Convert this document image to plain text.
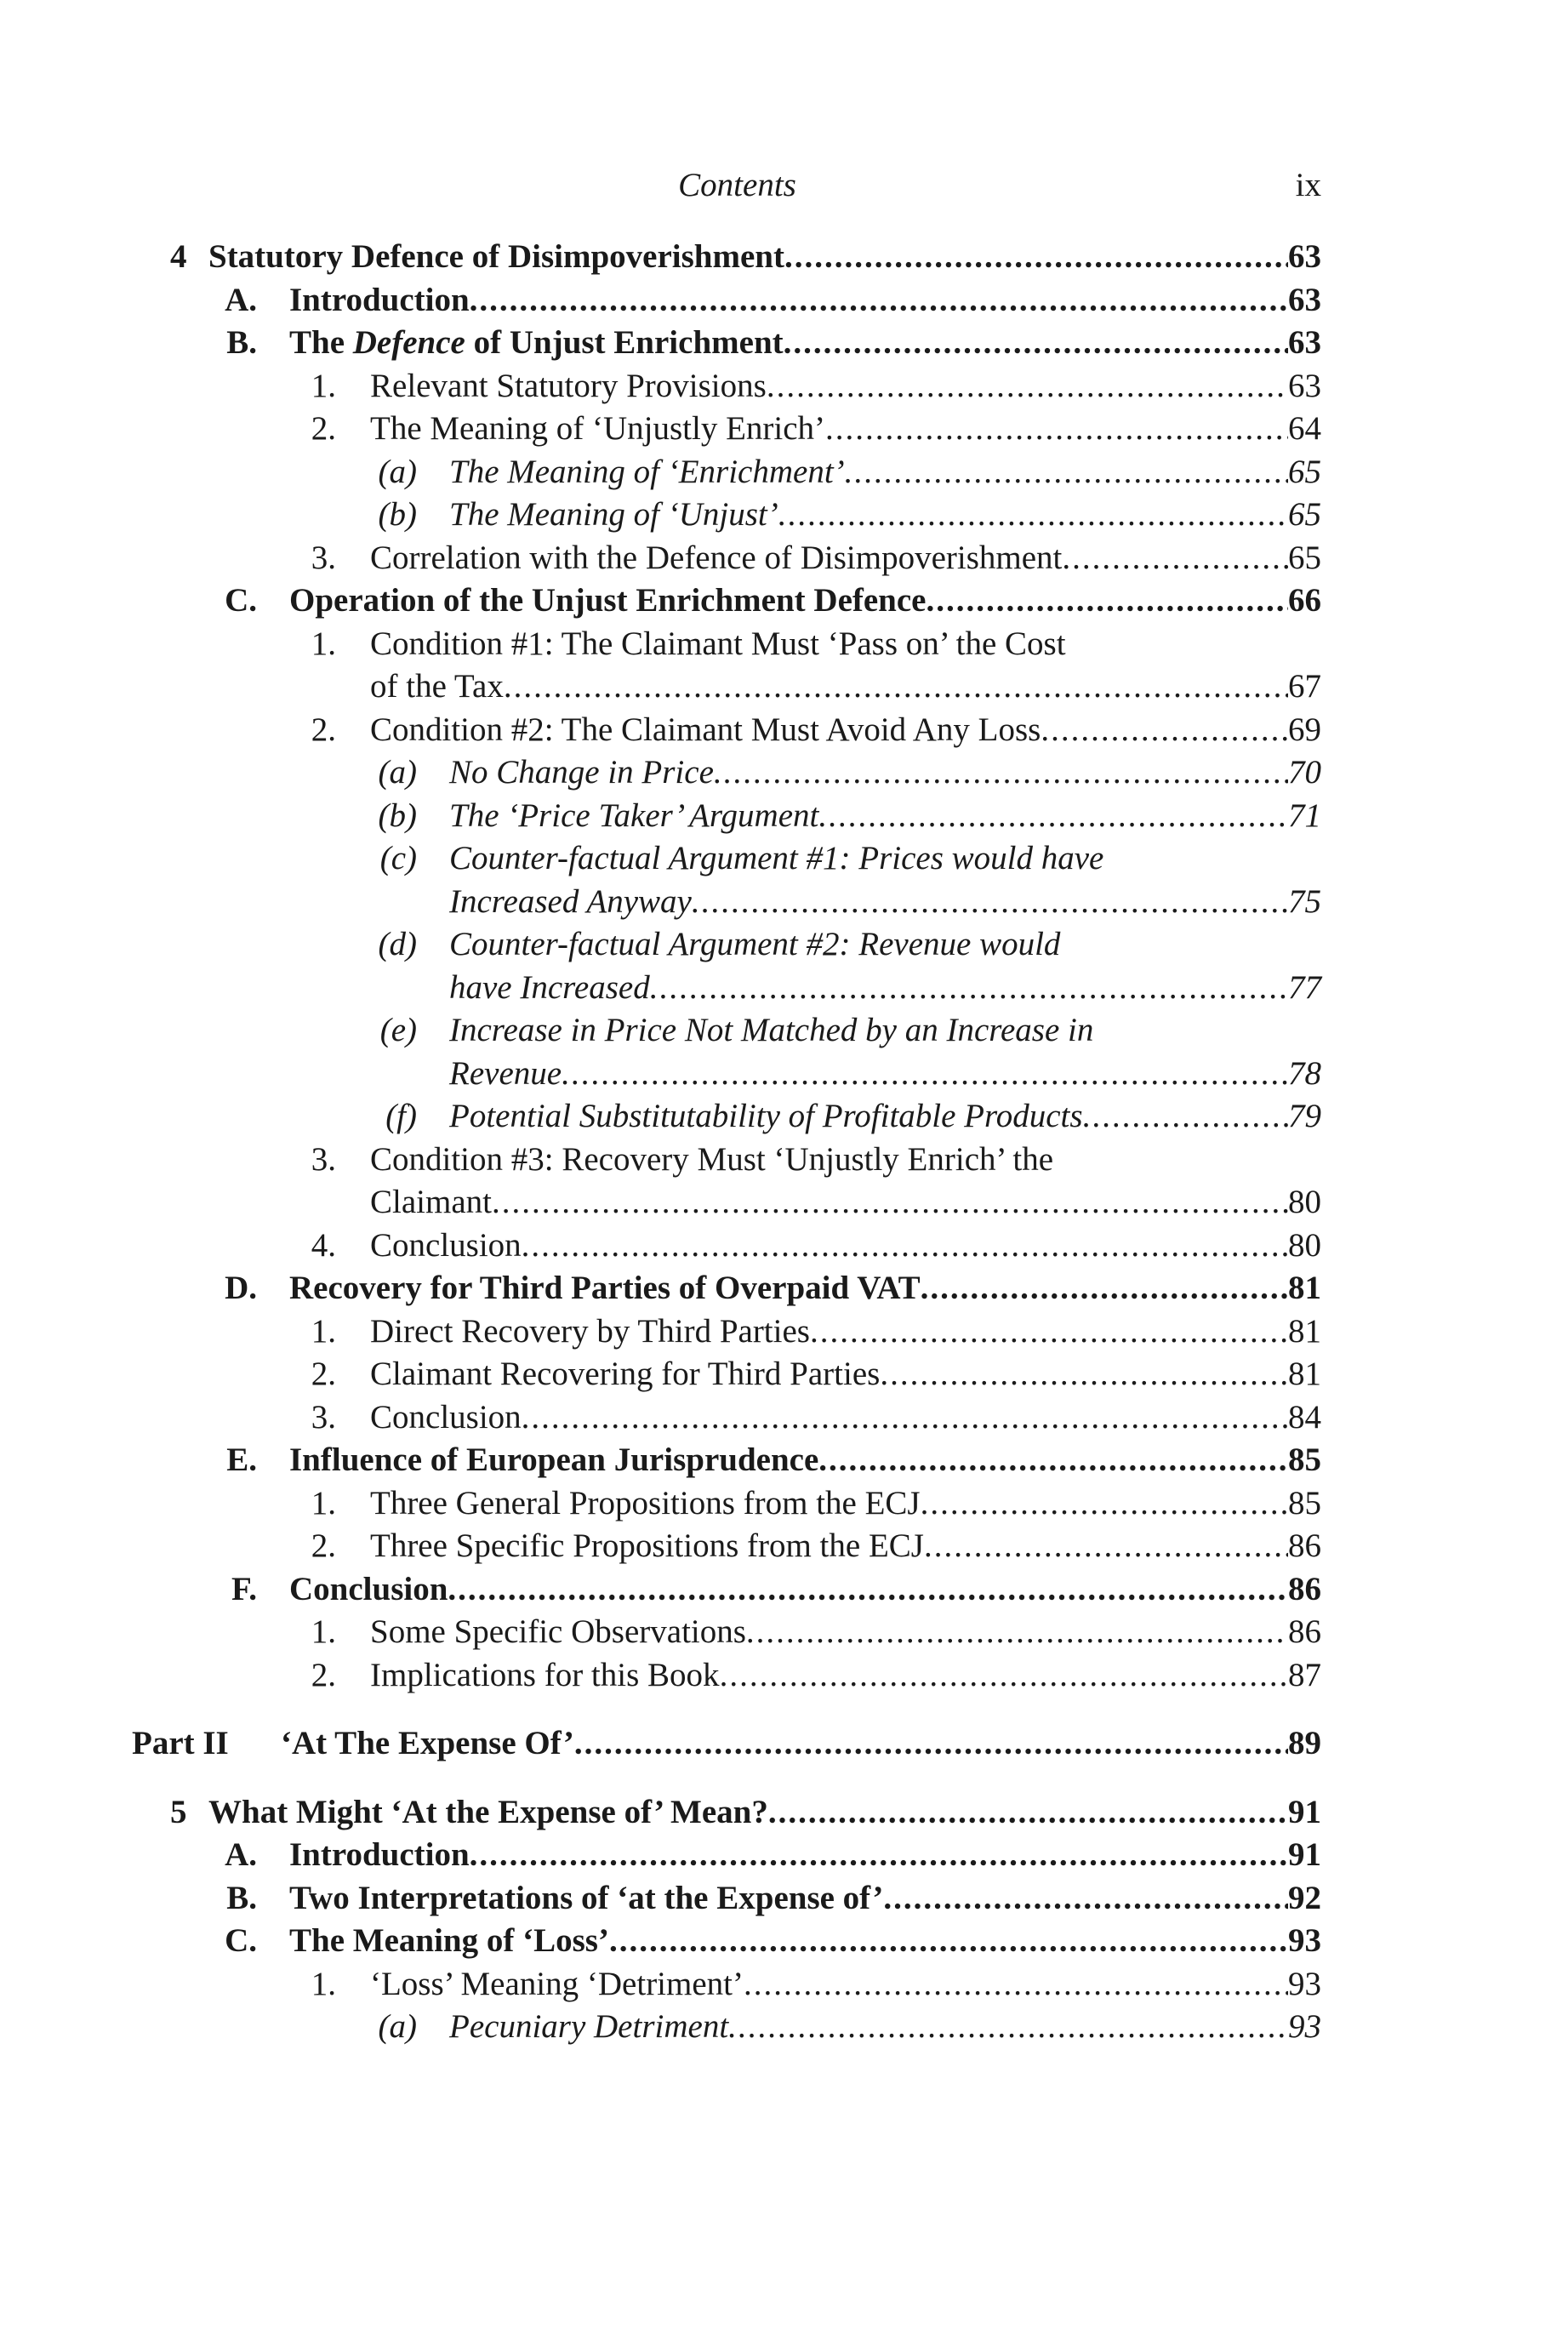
Contents	ix
4 Statutory Defence of Disimpoverishment .....	63
A. Introduction .....	63
B. The Defence of Unjust Enrichment .....	63
1. Relevant Statutory Provisions .....	63
2. The Meaning of ‘Unjustly Enrich’ .....	64
(a) The Meaning of ‘Enrichment’ .....	65
(b) The Meaning of ‘Unjust’ .....	65
3. Correlation with the Defence of Disimpoverishment .....	65
C. Operation of the Unjust Enrichment Defence .....	66
1. Condition #1: The Claimant Must ‘Pass on’ the Cost
of the Tax .....	67
2. Condition #2: The Claimant Must Avoid Any Loss .....	69
(a) No Change in Price .....	70
(b) The ‘Price Taker’ Argument .....	71
(c) Counter-factual Argument #1: Prices would have
Increased Anyway .....	75
(d) Counter-factual Argument #2: Revenue would
have Increased .....	77
(e) Increase in Price Not Matched by an Increase in
Revenue .....	78
(f) Potential Substitutability of Profitable Products .....	79
3. Condition #3: Recovery Must ‘Unjustly Enrich’ the
Claimant .....	80
4. Conclusion .....	80
D. Recovery for Third Parties of Overpaid VAT .....	81
1. Direct Recovery by Third Parties .....	81
2. Claimant Recovering for Third Parties .....	81
3. Conclusion .....	84
E. Influence of European Jurisprudence .....	85
1. Three General Propositions from the ECJ .....	85
2. Three Specific Propositions from the ECJ .....	86
F. Conclusion .....	86
1. Some Specific Observations .....	86
2. Implications for this Book .....	87
Part II ‘At The Expense Of’ .....	89
5 What Might ‘At the Expense of’ Mean? .....	91
A. Introduction .....	91
B. Two Interpretations of ‘at the Expense of’ .....	92
C. The Meaning of ‘Loss’ .....	93
1. ‘Loss’ Meaning ‘Detriment’ .....	93
(a) Pecuniary Detriment .....	93
